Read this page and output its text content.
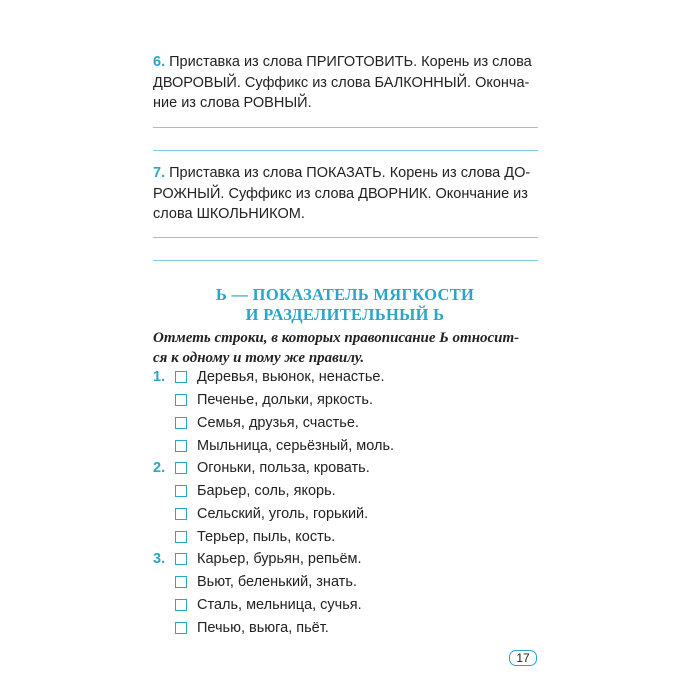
6. Приставка из слова ПРИГОТОВИТЬ. Корень из слова
ДВОРОВЫЙ. Суффикс из слова БАЛКОННЫЙ. Оконча-
ние из слова РОВНЫЙ.
7. Приставка из слова ПОКАЗАТЬ. Корень из слова ДО-
РОЖНЫЙ. Суффикс из слова ДВОРНИК. Окончание из
слова ШКОЛЬНИКОМ.
Ь — ПОКАЗАТЕЛЬ МЯГКОСТИ
И РАЗДЕЛИТЕЛЬНЫЙ Ь
Отметь строки, в которых правописание Ь относит-
ся к одному и тому же правилу.
1.	Деревья, вьюнок, ненастье.
Печенье, дольки, яркость.
Семья, друзья, счастье.
Мыльница, серьёзный, моль.
2.	Огоньки, польза, кровать.
Барьер, соль, якорь.
Сельский, уголь, горький.
Терьер, пыль, кость.
3.	Карьер, бурьян, репьём.
Вьют, беленький, знать.
Сталь, мельница, сучья.
Печью, вьюга, пьёт.
17
